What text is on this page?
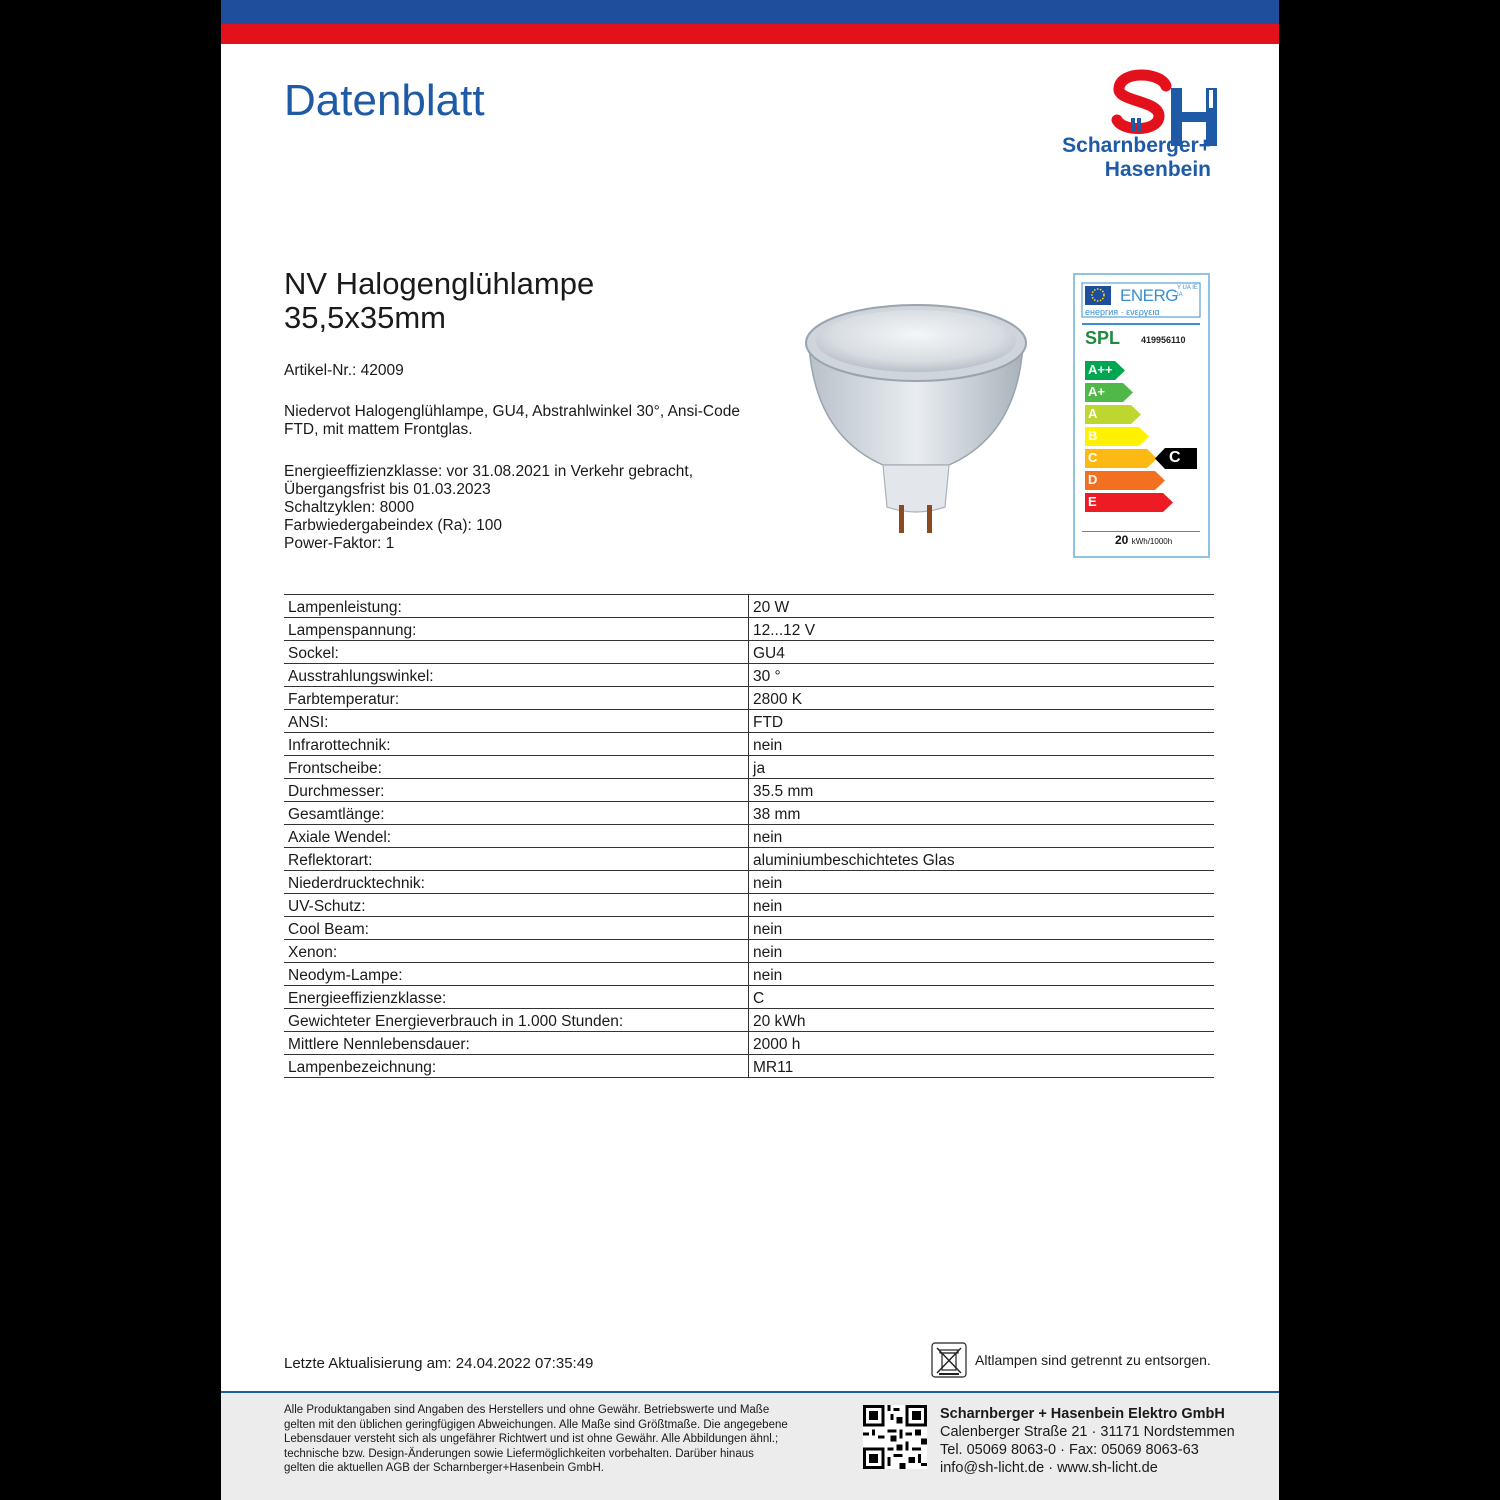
Datenblatt
Scharnberger+
Hasenbein
NV Halogenglühlampe
35,5x35mm
Artikel-Nr.: 42009
Niedervot Halogenglühlampe, GU4, Abstrahlwinkel 30°, Ansi-Code
FTD, mit mattem Frontglas.
Energieeffizienzklasse: vor 31.08.2021 in Verkehr gebracht,
Übergangsfrist bis 01.03.2023
Schaltzyklen: 8000
Farbwiedergabeindex (Ra): 100
Power-Faktor: 1
ENERG Y UA IE IA
енергия · ενεργεια
SPL 419956110
A++
A+
A
B
C
D
E
C
20 kWh/1000h
Lampenleistung:	20 W
Lampenspannung:	12...12 V
Sockel:	GU4
Ausstrahlungswinkel:	30 °
Farbtemperatur:	2800 K
ANSI:	FTD
Infrarottechnik:	nein
Frontscheibe:	ja
Durchmesser:	35.5 mm
Gesamtlänge:	38 mm
Axiale Wendel:	nein
Reflektorart:	aluminiumbeschichtetes Glas
Niederdrucktechnik:	nein
UV-Schutz:	nein
Cool Beam:	nein
Xenon:	nein
Neodym-Lampe:	nein
Energieeffizienzklasse:	C
Gewichteter Energieverbrauch in 1.000 Stunden:	20 kWh
Mittlere Nennlebensdauer:	2000 h
Lampenbezeichnung:	MR11
Letzte Aktualisierung am: 24.04.2022 07:35:49	Altlampen sind getrennt zu entsorgen.
Alle Produktangaben sind Angaben des Herstellers und ohne Gewähr. Betriebswerte und Maße
gelten mit den üblichen geringfügigen Abweichungen. Alle Maße sind Größtmaße. Die angegebene
Lebensdauer versteht sich als ungefährer Richtwert und ist ohne Gewähr. Alle Abbildungen ähnl.;
technische bzw. Design-Änderungen sowie Liefermöglichkeiten vorbehalten. Darüber hinaus
gelten die aktuellen AGB der Scharnberger+Hasenbein GmbH.
Scharnberger + Hasenbein Elektro GmbH
Calenberger Straße 21 · 31171 Nordstemmen
Tel. 05069 8063-0 · Fax: 05069 8063-63
info@sh-licht.de · www.sh-licht.de
